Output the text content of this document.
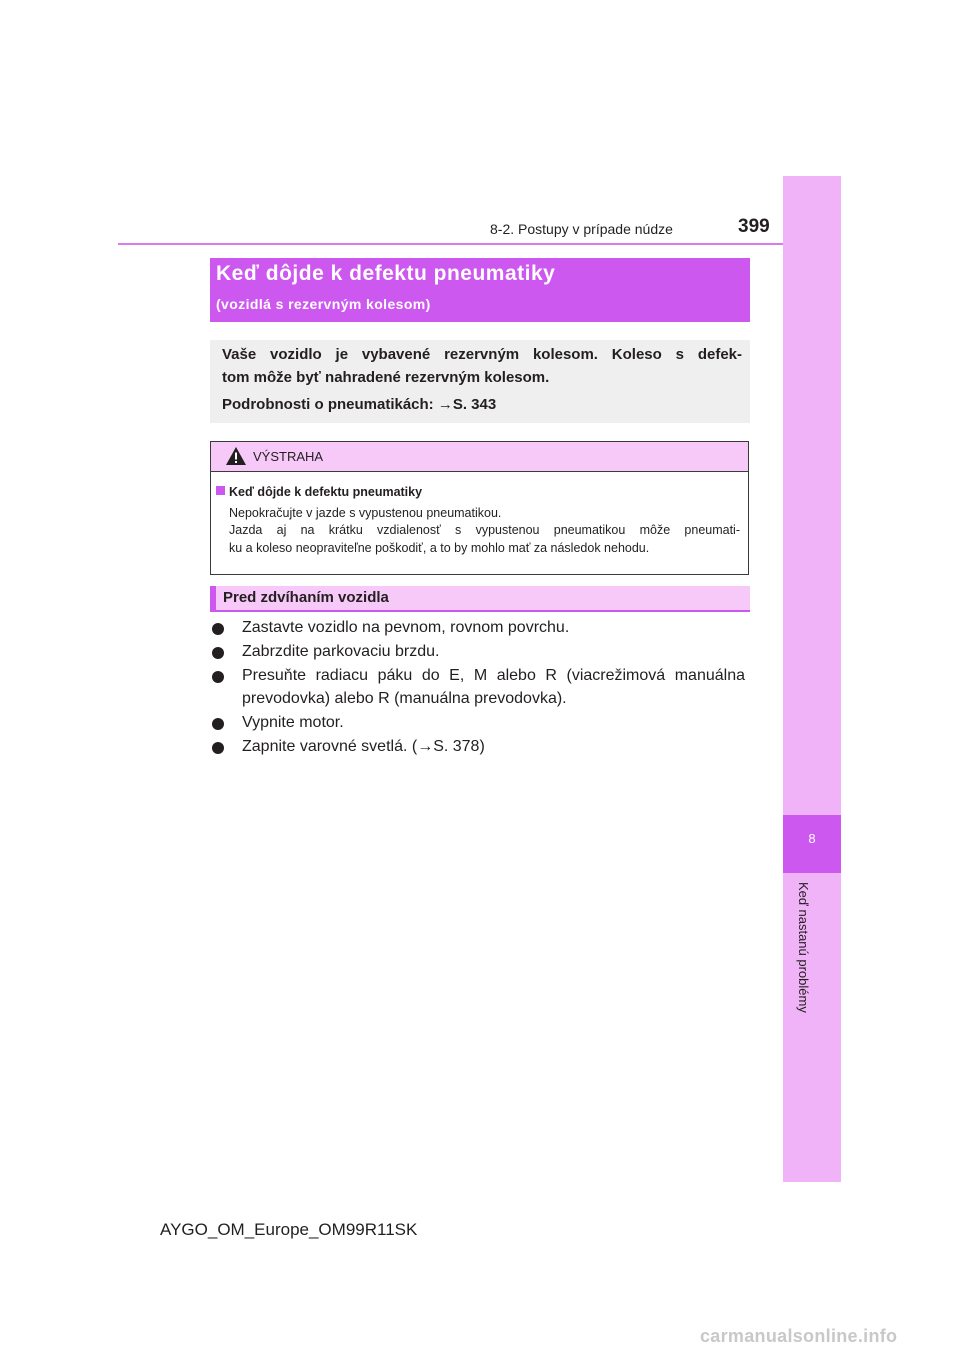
8-2. Postupy v prípade núdze	399
8
Keď nastanú problémy
Keď dôjde k defektu pneumatiky
(vozidlá s rezervným kolesom)
Vaše vozidlo je vybavené rezervným kolesom. Koleso s defek-
tom môže byť nahradené rezervným kolesom.
Podrobnosti o pneumatikách: →S. 343
VÝSTRAHA
Keď dôjde k defektu pneumatiky
Nepokračujte v jazde s vypustenou pneumatikou.
Jazda aj na krátku vzdialenosť s vypustenou pneumatikou môže pneumati-
ku a koleso neopraviteľne poškodiť, a to by mohlo mať za následok nehodu.
Pred zdvíhaním vozidla
Zastavte vozidlo na pevnom, rovnom povrchu.
Zabrzdite parkovaciu brzdu.
Presuňte radiacu páku do E, M alebo R (viacrežimová manuálna
prevodovka) alebo R (manuálna prevodovka).
Vypnite motor.
Zapnite varovné svetlá. (→S. 378)
AYGO_OM_Europe_OM99R11SK
carmanualsonline.info
